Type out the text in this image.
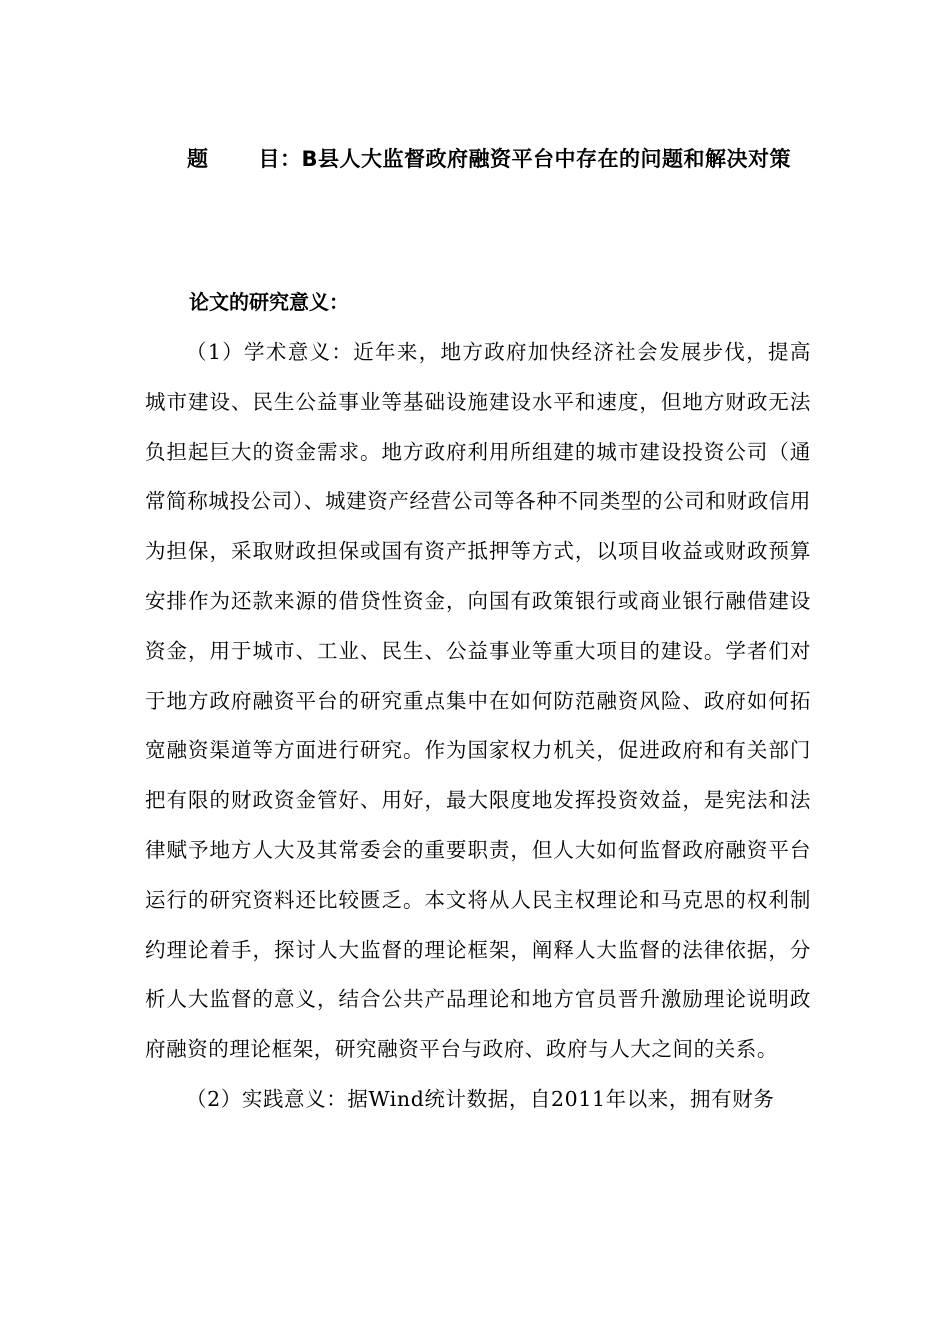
题 目：B县人大监督政府融资平台中存在的问题和解决对策
论文的研究意义：

（1）学术意义：近年来，地方政府加快经济社会发展步伐，提高城市建设、民生公益事业等基础设施建设水平和速度，但地方财政无法负担起巨大的资金需求。地方政府利用所组建的城市建设投资公司（通常简称城投公司）、城建资产经营公司等各种不同类型的公司和财政信用为担保，采取财政担保或国有资产抵押等方式，以项目收益或财政预算安排作为还款来源的借贷性资金，向国有政策银行或商业银行融借建设资金，用于城市、工业、民生、公益事业等重大项目的建设。学者们对于地方政府融资平台的研究重点集中在如何防范融资风险、政府如何拓宽融资渠道等方面进行研究。作为国家权力机关，促进政府和有关部门把有限的财政资金管好、用好，最大限度地发挥投资效益，是宪法和法律赋予地方人大及其常委会的重要职责，但人大如何监督政府融资平台运行的研究资料还比较匮乏。本文将从人民主权理论和马克思的权利制约理论着手，探讨人大监督的理论框架，阐释人大监督的法律依据，分析人大监督的意义，结合公共产品理论和地方官员晋升激励理论说明政府融资的理论框架，研究融资平台与政府、政府与人大之间的关系。

（2）实践意义：据Wind统计数据，自2011年以来，拥有财务
